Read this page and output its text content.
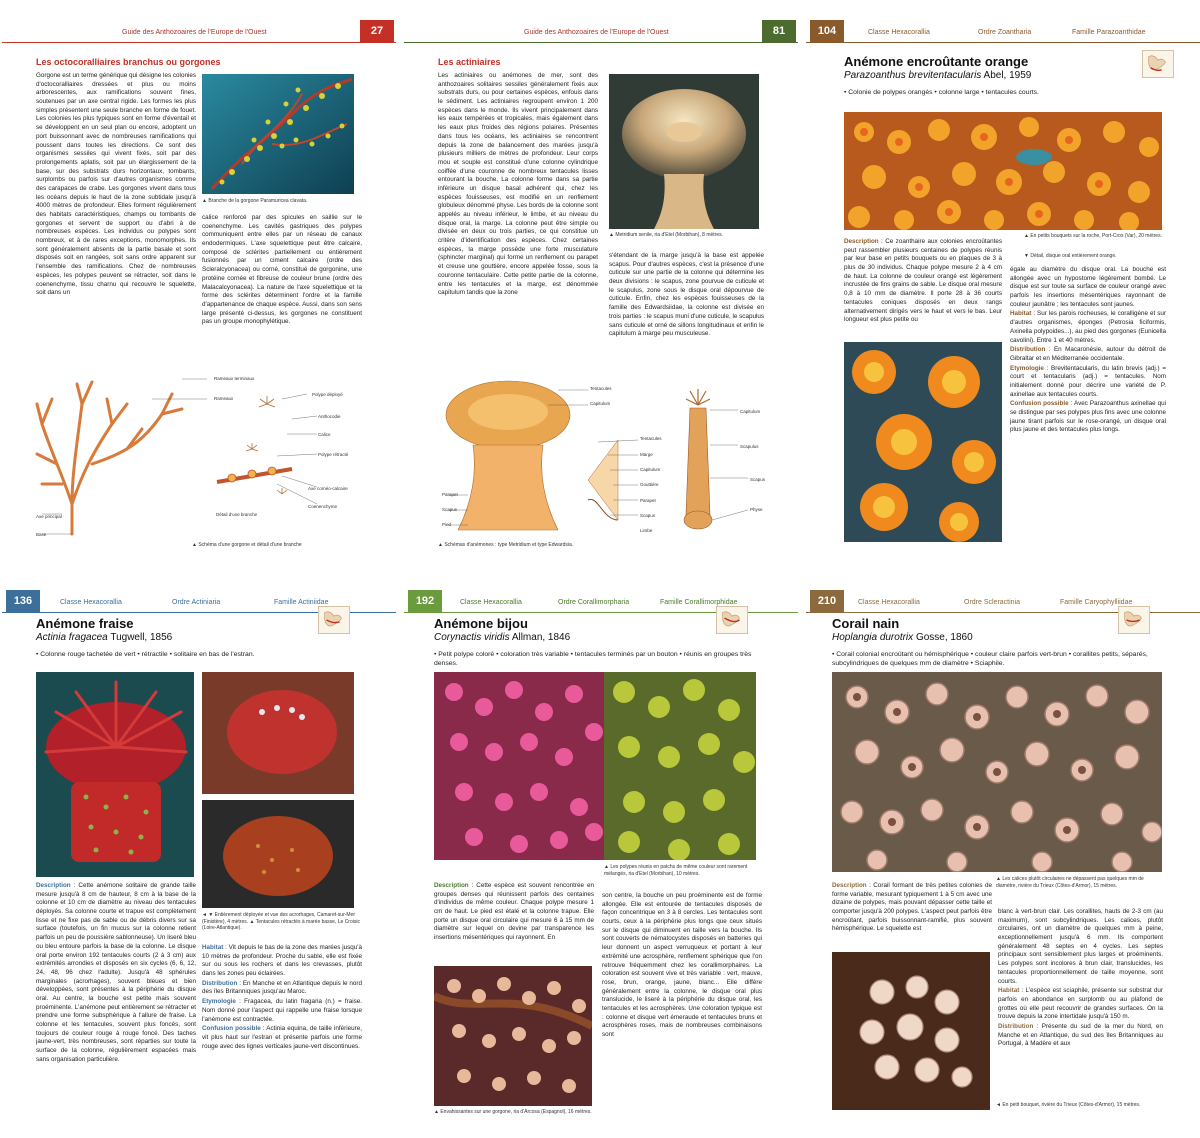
Guide des Anthozoaires de l'Europe de l'Ouest	27
Les octocoralliaires branchus ou gorgones
Gorgone est un terme générique qui désigne les colonies d'octocoralliaires dressées et plus ou moins arborescentes, aux ramifications souvent fines, soutenues par un axe central rigide. Les formes les plus simples présentent une seule branche en forme de fouet. Les colonies les plus typiques sont en forme d'éventail et se développent en un seul plan ou encore, adoptent un port buissonnant avec de nombreuses ramifications qui poussent dans toutes les directions. Ce sont des organismes sessiles qui vivent fixés, soit par des prolongements aplatis, soit par un élargissement de la base, sur des substrats durs horizontaux, tombants, surplombs ou parfois sur d'autres organismes comme des carapaces de crabe. Les gorgones vivent dans tous les océans depuis le haut de la zone subtidale jusqu'à 4000 mètres de profondeur. Elles forment régulièrement des habitats caractéristiques, champs ou tombants de gorgones et servent de support ou d'abri à de nombreuses espèces. Les individus ou polypes sont nombreux, et à de rares exceptions, monomorphes. Ils sont généralement absents de la partie basale et sont disposés soit en rangées, soit sans ordre apparent sur l'ensemble des ramifications. Chez de nombreuses espèces, les polypes peuvent se rétracter, soit dans le coenenchyme, tissu charnu qui recouvre le squelette, soit dans un
▲ Branche de la gorgone Paramuricea clavata.
calice renforcé par des spicules en saillie sur le coenenchyme. Les cavités gastriques des polypes communiquent entre elles par un réseau de canaux endodermiques. L'axe squelettique peut être calcaire, composé de sclérites partiellement ou entièrement fusionnés par un ciment calcaire (ordre des Scleralcyonacea) ou corné, constitué de gorgonine, une protéine cornée et fibreuse de couleur brune (ordre des Malacalcyonacea). La nature de l'axe squelettique et la forme des sclérites déterminent l'ordre et la famille d'appartenance de chaque espèce. Aussi, dans son sens large présenté ci-dessus, les gorgones ne constituent pas un groupe monophylétique.
Rameaux terminaux
Rameaux
Polype déployé
Anthocodie
Calice
Polype rétracté
Axe cornéo-calcaire
Coenenchyme
Axe principal
Base
Détail d'une branche
▲ Schéma d'une gorgone et détail d'une branche
Guide des Anthozoaires de l'Europe de l'Ouest	81
Les actiniaires
Les actiniaires ou anémones de mer, sont des anthozoaires solitaires sessiles généralement fixés aux substrats durs, ou pour certaines espèces, enfouis dans le sédiment. Les actiniaires regroupent environ 1 200 espèces dans le monde. Ils vivent principalement dans les eaux tempérées et tropicales, mais également dans les eaux plus froides des régions polaires. Présentes dans tous les océans, les actiniaires se rencontrent depuis la zone de balancement des marées jusqu'à plusieurs milliers de mètres de profondeur. Leur corps mou et souple est constitué d'une colonne cylindrique coiffée d'une couronne de nombreux tentacules lisses entourant la bouche. La colonne forme dans sa partie inférieure un disque basal adhérent qui, chez les espèces fouisseuses, est modifié en un renflement globuleux dénommé physe. Les bords de la colonne sont appelés au niveau inférieur, le limbe, et au niveau du disque oral, la marge. La colonne peut être simple ou divisée en deux ou trois parties, ce qui constitue un critère d'identification des espèces. Chez certaines espèces, la marge possède une forte musculature (sphincter marginal) qui forme un renflement ou parapet et creuse une gouttière, encore appelée fosse, sous la couronne tentaculaire. Cette petite partie de la colonne, entre les tentacules et la marge, est dénommée capitulum tandis que la zone
▲ Metridium senile, ria d'Etel (Morbihan), 8 mètres.
s'étendant de la marge jusqu'à la base est appelée scapus. Pour d'autres espèces, c'est la présence d'une cuticule sur une partie de la colonne qui détermine les deux divisions : le scapus, zone pourvue de cuticule et le scapulus, zone sous le disque oral dépourvue de cuticule. Enfin, chez les espèces fouisseuses de la famille des Edwardsiidae, la colonne est divisée en trois parties : le scapus muni d'une cuticule, le scapulus sans cuticule et orné de sillons longitudinaux et enfin le capitulum à marge peu musculeuse.
Tentacules
Capitulum
Tentacules
Marge
Capitulum
Gouttière
Parapet
Scapus
Limbe
Parapet
Scapus
Pied
Capitulum
Scapulus
Scapus
Physe
▲ Schémas d'anémones : type Metridium et type Edwardsia.
104	Classe Hexacorallia	Ordre Zoantharia	Famille Parazoanthidae
Anémone encroûtante orange
Parazoanthus brevitentacularis Abel, 1959
• Colonie de polypes orangés • colonne large • tentacules courts.
▲ En petits bouquets sur la roche, Port-Cros (Var), 20 mètres.
▼ Détail, disque oral entièrement orange.
Description : Ce zoanthaire aux colonies encroûtantes peut rassembler plusieurs centaines de polypes réunis par leur base en petits bouquets ou en plaques de 3 à plus de 30 individus. Chaque polype mesure 2 à 4 cm de haut. La colonne de couleur orangé est légèrement incrustée de fins grains de sable. Le disque oral mesure 0,8 à 10 mm de diamètre. Il porte 28 à 36 courts tentacules coniques disposés en deux rangs alternativement dirigés vers le haut et vers le bas. Leur longueur est plus petite ou

égale au diamètre du disque oral. La bouche est allongée avec un hypostome légèrement bombé. Le disque est sur toute sa surface de couleur orangé avec parfois les insertions mésentériques rayonnant de couleur jaunâtre ; les tentacules sont jaunes.

Habitat : Sur les parois rocheuses, le coralligène et sur d'autres organismes, éponges (Petrosia ficiformis, Axinella polypoides...), au pied des gorgones (Eunicella cavolini). Entre 1 et 40 mètres.

Distribution : En Macaronésie, autour du détroit de Gibraltar et en Méditerranée occidentale.

Etymologie : Brevitentacularis, du latin brevis (adj.) = court et tentacularis (adj.) = tentacules. Nom initialement donné pour décrire une variété de P. axinellae aux tentacules courts.

Confusion possible : Avec Parazoanthus axinellae qui se distingue par ses polypes plus fins avec une colonne jaune tirant parfois sur le rose-orangé, un disque oral plus jaune et des tentacules plus longs.

136	Classe Hexacorallia	Ordre Actiniaria	Famille Actiniidae
Anémone fraise
Actinia fragacea Tugwell, 1856
• Colonne rouge tachetée de vert • rétractile • solitaire en bas de l'estran.
◄ ▼ Entièrement déployée et vue des acrorhages, Camaret-sur-Mer (Finistère), 4 mètres. ▲ Tentacules rétractés à marée basse, Le Croisic (Loire-Atlantique).
Description : Cette anémone solitaire de grande taille mesure jusqu'à 8 cm de hauteur, 8 cm à la base de la colonne et 10 cm de diamètre au niveau des tentacules déployés. Sa colonne courte et trapue est complètement lisse et ne fixe pas de sable ou de débris divers sur sa surface (toutefois, un fin mucus sur la colonne retient parfois un peu de poussière sablonneuse). Un liseré bleu ou bleu entoure parfois la base de la colonne. Le disque oral porte environ 192 tentacules courts (2 à 3 cm) aux extrémités arrondies et disposés en six cycles (6, 6, 12, 24, 48, 96 chez l'adulte). Jusqu'à 48 sphérules marginales (acrorhages), souvent bleues et bien développées, sont présentes à la périphérie du disque oral. Au centre, la bouche est petite mais souvent proéminente. L'anémone peut entièrement se rétracter et prendre une forme subsphérique à l'allure de fraise. La colonne et les tentacules, souvent plus foncés, sont toujours de couleur rouge à rouge foncé. Des taches jaune-vert, très nombreuses, sont réparties sur toute la surface de la colonne, régulièrement espacées mais sans organisation particulière.

Habitat : Vit depuis le bas de la zone des marées jusqu'à 10 mètres de profondeur. Proche du sable, elle est fixée sur ou sous les rochers et dans les crevasses, plutôt dans les zones peu éclairées.

Distribution : En Manche et en Atlantique depuis le nord des îles Britanniques jusqu'au Maroc.

Etymologie : Fragacea, du latin fragaria (n.) = fraise. Nom donné pour l'aspect qui rappelle une fraise lorsque l'anémone est contractée.

Confusion possible : Actinia equina, de taille inférieure, vit plus haut sur l'estran et présente parfois une forme rouge avec des lignes verticales jaune-vert discontinues.

192	Classe Hexacorallia	Ordre Corallimorpharia	Famille Corallimorphidae
Anémone bijou
Corynactis viridis Allman, 1846
• Petit polype coloré • coloration très variable • tentacules terminés par un bouton • réunis en groupes très denses.
▲ Les polypes réunis en patchs de même couleur sont rarement mélangés, ria d'Etel (Morbihan), 10 mètres.
Description : Cette espèce est souvent rencontrée en groupes denses qui réunissent parfois des centaines d'individus de même couleur. Chaque polype mesure 1 cm de haut. Le pied est étalé et la colonne trapue. Elle porte un disque oral circulaire qui mesure 6 à 15 mm de diamètre sur lequel on devine par transparence les insertions mésentériques qui rayonnent. En
▲ Envahissantes sur une gorgone, ria d'Arcosa (Espagnol), 16 mètres.
son centre, la bouche un peu proéminente est de forme allongée. Elle est entourée de tentacules disposés de façon concentrique en 3 à 8 cercles. Les tentacules sont courts, ceux à la périphérie plus longs que ceux situés sur le disque qui diminuent en taille vers la bouche. Ils sont couverts de nématocystes disposés en batteries qui leur donnent un aspect verruqueux et portant à leur extrémité une acrosphère, renflement sphérique que l'on retrouve fréquemment chez les corallimorphaires. La coloration est souvent vive et très variable : vert, mauve, rose, brun, orange, jaune, blanc... Elle diffère généralement entre la colonne, le disque oral plus translucide, le liseré à la périphérie du disque oral, les tentacules et les acrosphères. Une coloration typique est : colonne et disque vert émeraude et tentacules bruns et acrosphères roses, mais de nombreuses combinaisons sont
210	Classe Hexacorallia	Ordre Scleractinia	Famille Caryophylliidae
Corail nain
Hoplangia durotrix Gosse, 1860
• Corail colonial encroûtant ou hémisphérique • couleur claire parfois vert-brun • corallites petits, séparés, subcylindriques de quelques mm de diamètre • Sciaphile.
▲ Les calices plutôt circulaires ne dépassent pas quelques mm de diamètre, rivière du Trieux (Côtes-d'Armor), 15 mètres.
Description : Corail formant de très petites colonies de forme variable, mesurant typiquement 1 à 5 cm avec une dizaine de polypes, mais pouvant dépasser cette taille et comporter jusqu'à 200 polypes. L'aspect peut parfois être encroûtant, parfois buissonnant-ramifié, plus souvent hémisphérique. Le squelette est
◄ En petit bouquet, rivière du Trieux (Côtes-d'Armor), 15 mètres.

blanc à vert-brun clair. Les corallites, hauts de 2-3 cm (au maximum), sont subcylindriques. Les calices, plutôt circulaires, ont un diamètre de quelques mm à peine, exceptionnellement jusqu'à 6 mm. Ils comportent généralement 48 septes en 4 cycles. Les septes principaux sont sensiblement plus larges et proéminents. Les polypes sont incolores à brun clair, translucides, les tentacules proportionnellement de taille moyenne, sont courts.

Habitat : L'espèce est sciaphile, présente sur substrat dur parfois en abondance en surplomb ou au plafond de grottes où elle peut recouvrir de grandes surfaces. On la trouve depuis la zone intertidale jusqu'à 150 m.

Distribution : Présente du sud de la mer du Nord, en Manche et en Atlantique, du sud des îles Britanniques au Portugal, à Madère et aux
